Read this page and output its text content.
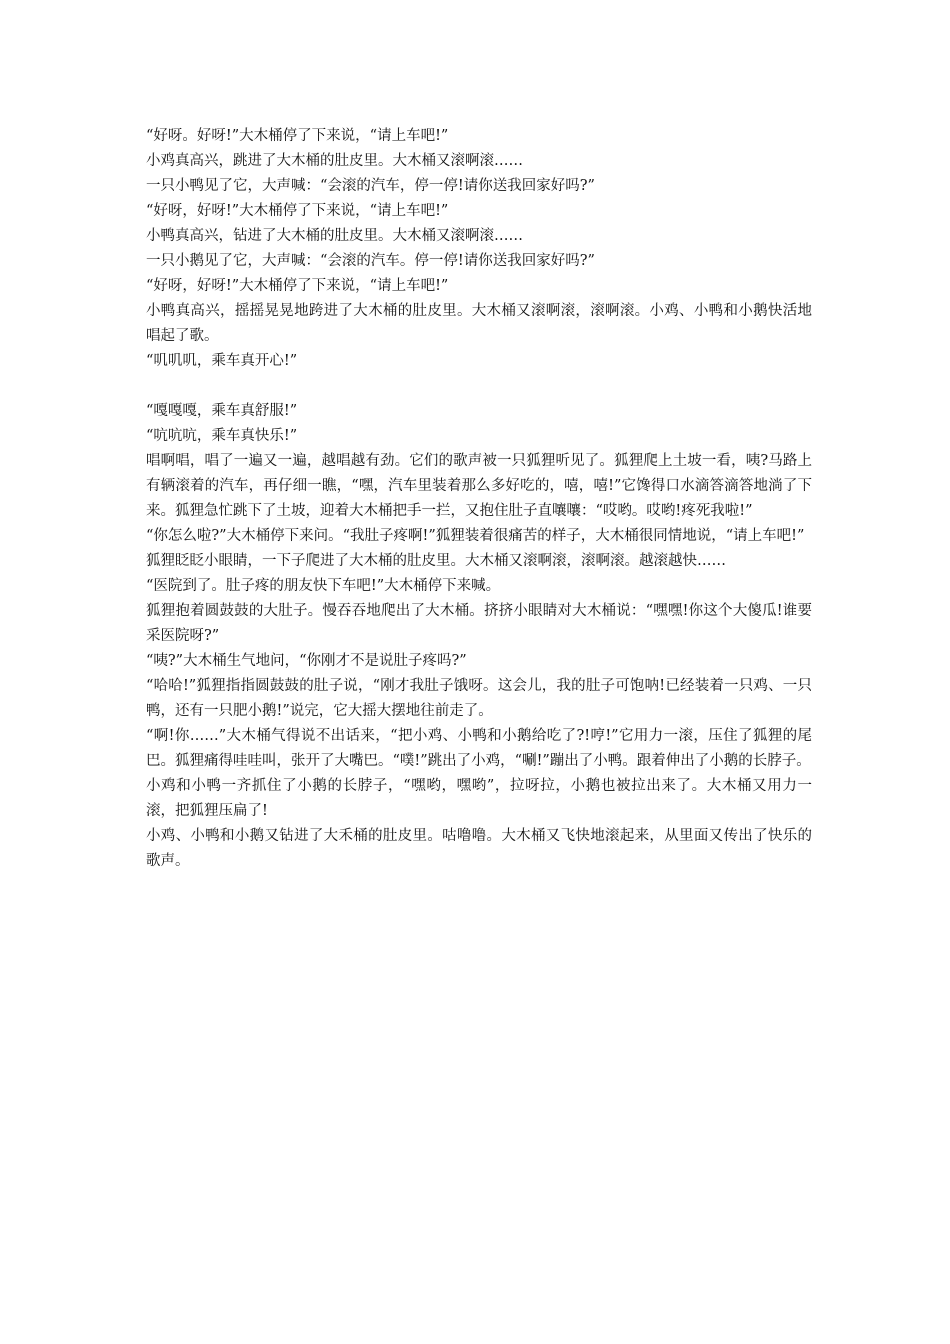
“好呀。好呀!”大木桶停了下来说，“请上车吧!”

小鸡真高兴，跳进了大木桶的肚皮里。大木桶又滚啊滚……

一只小鸭见了它，大声喊：“会滚的汽车，停一停!请你送我回家好吗?”

“好呀，好呀!”大木桶停了下来说，“请上车吧!”

小鸭真高兴，钻进了大木桶的肚皮里。大木桶又滚啊滚……

一只小鹅见了它，大声喊：“会滚的汽车。停一停!请你送我回家好吗?”

“好呀，好呀!”大木桶停了下来说，“请上车吧!”

小鸭真高兴，摇摇晃晃地跨进了大木桶的肚皮里。大木桶又滚啊滚，滚啊滚。小鸡、小鸭和小鹅快活地唱起了歌。

“叽叽叽，乘车真开心!”

“嘎嘎嘎，乘车真舒服!”

“吭吭吭，乘车真快乐!”

唱啊唱，唱了一遍又一遍，越唱越有劲。它们的歌声被一只狐狸听见了。狐狸爬上土坡一看，咦?马路上有辆滚着的汽车，再仔细一瞧，“嘿，汽车里装着那么多好吃的，嘻，嘻!”它馋得口水滴答滴答地淌了下来。狐狸急忙跳下了土坡，迎着大木桶把手一拦，又抱住肚子直嚷嚷：“哎哟。哎哟!疼死我啦!”

“你怎么啦?”大木桶停下来问。“我肚子疼啊!”狐狸装着很痛苦的样子，大木桶很同情地说，“请上车吧!”

狐狸眨眨小眼睛，一下子爬进了大木桶的肚皮里。大木桶又滚啊滚，滚啊滚。越滚越快……

“医院到了。肚子疼的朋友快下车吧!”大木桶停下来喊。

狐狸抱着圆鼓鼓的大肚子。慢吞吞地爬出了大木桶。挤挤小眼睛对大木桶说：“嘿嘿!你这个大傻瓜!谁要采医院呀?”

“咦?”大木桶生气地问，“你刚才不是说肚子疼吗?”

“哈哈!”狐狸指指圆鼓鼓的肚子说，“刚才我肚子饿呀。这会儿，我的肚子可饱呐!已经装着一只鸡、一只鸭，还有一只肥小鹅!”说完，它大摇大摆地往前走了。

“啊!你……”大木桶气得说不出话来，“把小鸡、小鸭和小鹅给吃了?!哼!”它用力一滚，压住了狐狸的尾巴。狐狸痛得哇哇叫，张开了大嘴巴。“噗!”跳出了小鸡，“唰!”蹦出了小鸭。跟着伸出了小鹅的长脖子。

小鸡和小鸭一齐抓住了小鹅的长脖子，“嘿哟，嘿哟”，拉呀拉，小鹅也被拉出来了。大木桶又用力一滚，把狐狸压扁了!

小鸡、小鸭和小鹅又钻进了大禾桶的肚皮里。咕噜噜。大木桶又飞快地滚起来，从里面又传出了快乐的歌声。
